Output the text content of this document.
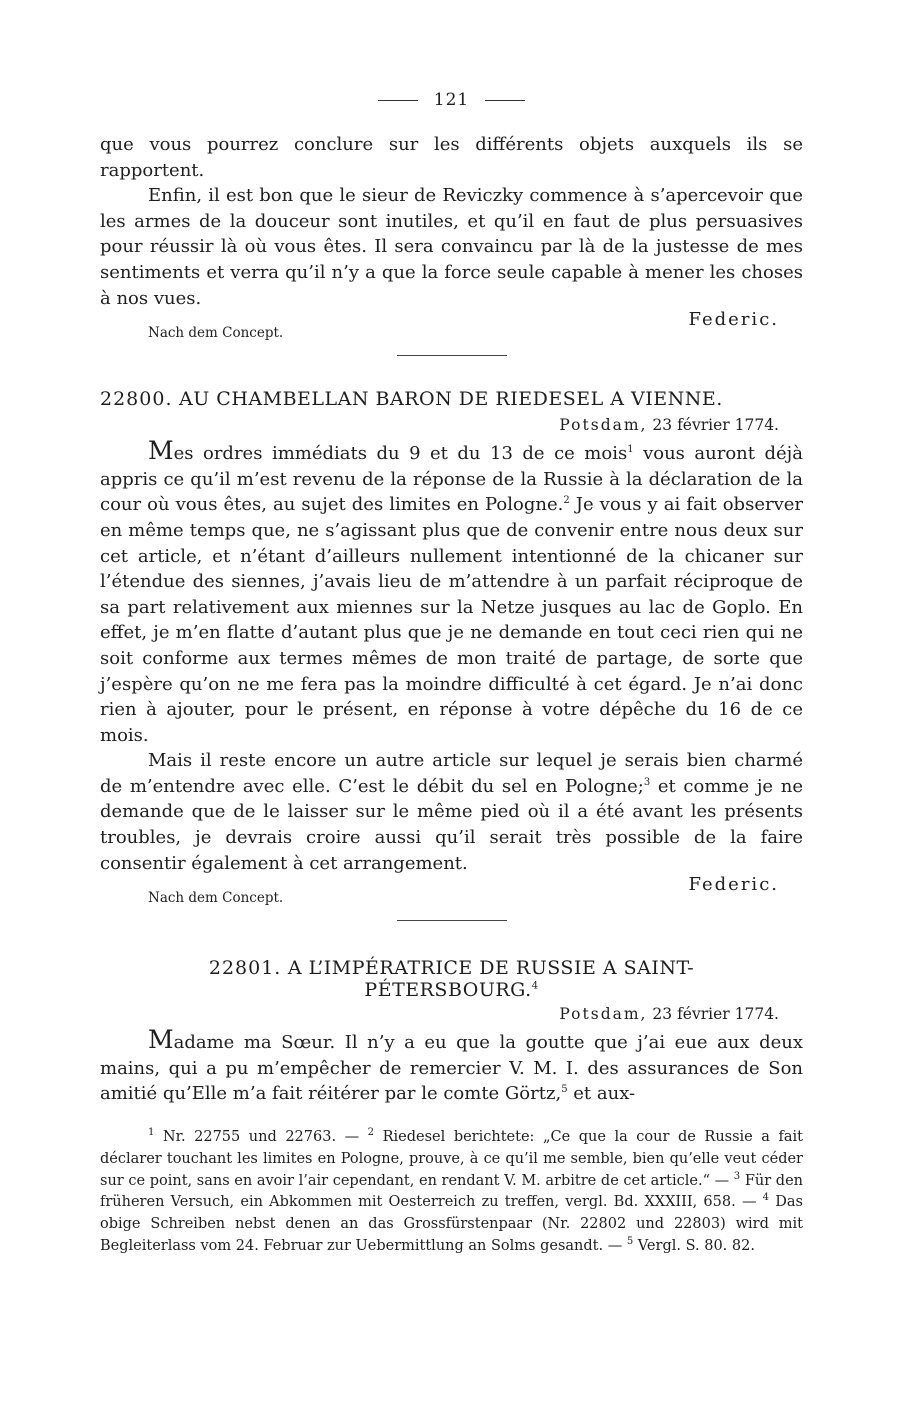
121

que vous pourrez conclure sur les différents objets auxquels ils se rapportent.

Enfin, il est bon que le sieur de Reviczky commence à s’apercevoir que les armes de la douceur sont inutiles, et qu’il en faut de plus persuasives pour réussir là où vous êtes. Il sera convaincu par là de la justesse de mes sentiments et verra qu’il n’y a que la force seule capable à mener les choses à nos vues.

Federic.

Nach dem Concept.

22800. AU CHAMBELLAN BARON DE RIEDESEL A VIENNE.

Potsdam, 23 février 1774.

Mes ordres immédiats du 9 et du 13 de ce mois$^1$ vous auront déjà appris ce qu’il m’est revenu de la réponse de la Russie à la déclaration de la cour où vous êtes, au sujet des limites en Pologne.$^2$ Je vous y ai fait observer en même temps que, ne s’agissant plus que de convenir entre nous deux sur cet article, et n’étant d’ailleurs nullement intentionné de la chicaner sur l’étendue des siennes, j’avais lieu de m’attendre à un parfait réciproque de sa part relativement aux miennes sur la Netze jusques au lac de Goplo. En effet, je m’en flatte d’autant plus que je ne demande en tout ceci rien qui ne soit conforme aux termes mêmes de mon traité de partage, de sorte que j’espère qu’on ne me fera pas la moindre difficulté à cet égard. Je n’ai donc rien à ajouter, pour le présent, en réponse à votre dépêche du 16 de ce mois.

Mais il reste encore un autre article sur lequel je serais bien charmé de m’entendre avec elle. C’est le débit du sel en Pologne;$^3$ et comme je ne demande que de le laisser sur le même pied où il a été avant les présents troubles, je devrais croire aussi qu’il serait très possible de la faire consentir également à cet arrangement.

Federic.

Nach dem Concept.

22801. A L’IMPÉRATRICE DE RUSSIE A SAINT-
PÉTERSBOURG.$^4$

Potsdam, 23 février 1774.

Madame ma Sœur. Il n’y a eu que la goutte que j’ai eue aux deux mains, qui a pu m’empêcher de remercier V. M. I. des assurances de Son amitié qu’Elle m’a fait réitérer par le comte Görtz,$^5$ et aux-

$^1$ Nr. 22755 und 22763. — $^2$ Riedesel berichtete: „Ce que la cour de Russie a fait déclarer touchant les limites en Pologne, prouve, à ce qu’il me semble, bien qu’elle veut céder sur ce point, sans en avoir l’air cependant, en rendant V. M. arbitre de cet article.“ — $^3$ Für den früheren Versuch, ein Abkommen mit Oesterreich zu treffen, vergl. Bd. XXXIII, 658. — $^4$ Das obige Schreiben nebst denen an das Grossfürstenpaar (Nr. 22802 und 22803) wird mit Begleiterlass vom 24. Februar zur Uebermittlung an Solms gesandt. — $^5$ Vergl. S. 80. 82.
